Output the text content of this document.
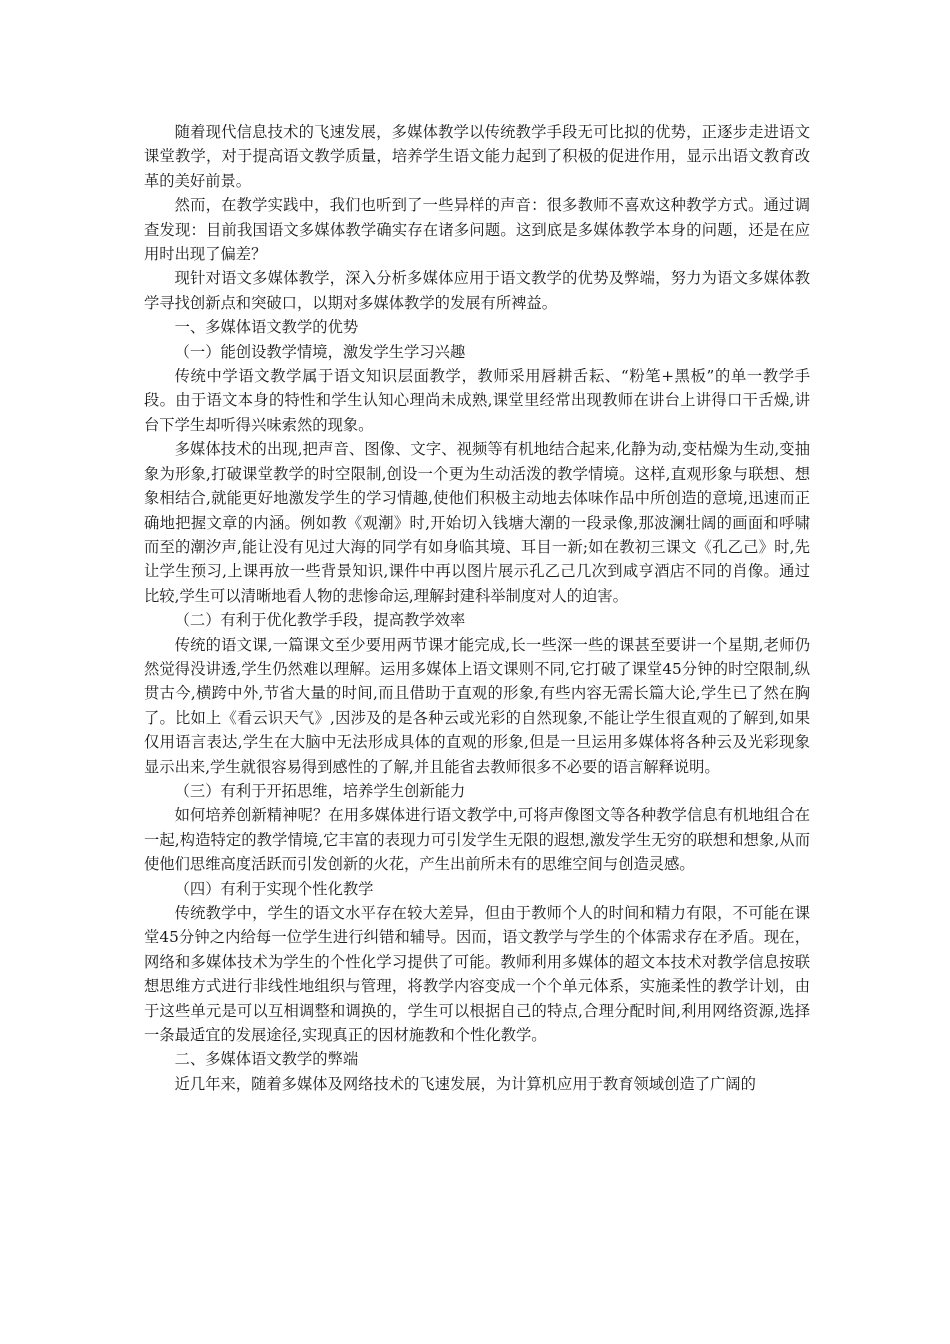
随着现代信息技术的飞速发展，多媒体教学以传统教学手段无可比拟的优势，正逐步走进语文课堂教学，对于提高语文教学质量，培养学生语文能力起到了积极的促进作用，显示出语文教育改革的美好前景。

然而，在教学实践中，我们也听到了一些异样的声音：很多教师不喜欢这种教学方式。通过调查发现：目前我国语文多媒体教学确实存在诸多问题。这到底是多媒体教学本身的问题，还是在应用时出现了偏差？

现针对语文多媒体教学，深入分析多媒体应用于语文教学的优势及弊端，努力为语文多媒体教学寻找创新点和突破口，以期对多媒体教学的发展有所裨益。

一、多媒体语文教学的优势

（一）能创设教学情境，激发学生学习兴趣

传统中学语文教学属于语文知识层面教学，教师采用唇耕舌耘、“粉笔+黑板”的单一教学手段。由于语文本身的特性和学生认知心理尚未成熟,课堂里经常出现教师在讲台上讲得口干舌燥,讲台下学生却听得兴味索然的现象。

多媒体技术的出现,把声音、图像、文字、视频等有机地结合起来,化静为动,变枯燥为生动,变抽象为形象,打破课堂教学的时空限制,创设一个更为生动活泼的教学情境。这样,直观形象与联想、想象相结合,就能更好地激发学生的学习情趣,使他们积极主动地去体味作品中所创造的意境,迅速而正确地把握文章的内涵。例如教《观潮》时,开始切入钱塘大潮的一段录像,那波澜壮阔的画面和呼啸而至的潮汐声,能让没有见过大海的同学有如身临其境、耳目一新;如在教初三课文《孔乙己》时,先让学生预习,上课再放一些背景知识,课件中再以图片展示孔乙己几次到咸亨酒店不同的肖像。通过比较,学生可以清晰地看人物的悲惨命运,理解封建科举制度对人的迫害。

（二）有利于优化教学手段，提高教学效率

传统的语文课,一篇课文至少要用两节课才能完成,长一些深一些的课甚至要讲一个星期,老师仍然觉得没讲透,学生仍然难以理解。运用多媒体上语文课则不同,它打破了课堂45分钟的时空限制,纵贯古今,横跨中外,节省大量的时间,而且借助于直观的形象,有些内容无需长篇大论,学生已了然在胸了。比如上《看云识天气》,因涉及的是各种云或光彩的自然现象,不能让学生很直观的了解到,如果仅用语言表达,学生在大脑中无法形成具体的直观的形象,但是一旦运用多媒体将各种云及光彩现象显示出来,学生就很容易得到感性的了解,并且能省去教师很多不必要的语言解释说明。

（三）有利于开拓思维，培养学生创新能力

如何培养创新精神呢？在用多媒体进行语文教学中,可将声像图文等各种教学信息有机地组合在一起,构造特定的教学情境,它丰富的表现力可引发学生无限的遐想,激发学生无穷的联想和想象,从而使他们思维高度活跃而引发创新的火花，产生出前所未有的思维空间与创造灵感。

（四）有利于实现个性化教学

传统教学中，学生的语文水平存在较大差异，但由于教师个人的时间和精力有限，不可能在课堂45分钟之内给每一位学生进行纠错和辅导。因而，语文教学与学生的个体需求存在矛盾。现在，网络和多媒体技术为学生的个性化学习提供了可能。教师利用多媒体的超文本技术对教学信息按联想思维方式进行非线性地组织与管理，将教学内容变成一个个单元体系，实施柔性的教学计划，由于这些单元是可以互相调整和调换的，学生可以根据自己的特点,合理分配时间,利用网络资源,选择一条最适宜的发展途径,实现真正的因材施教和个性化教学。

二、多媒体语文教学的弊端

近几年来，随着多媒体及网络技术的飞速发展，为计算机应用于教育领域创造了广阔的
